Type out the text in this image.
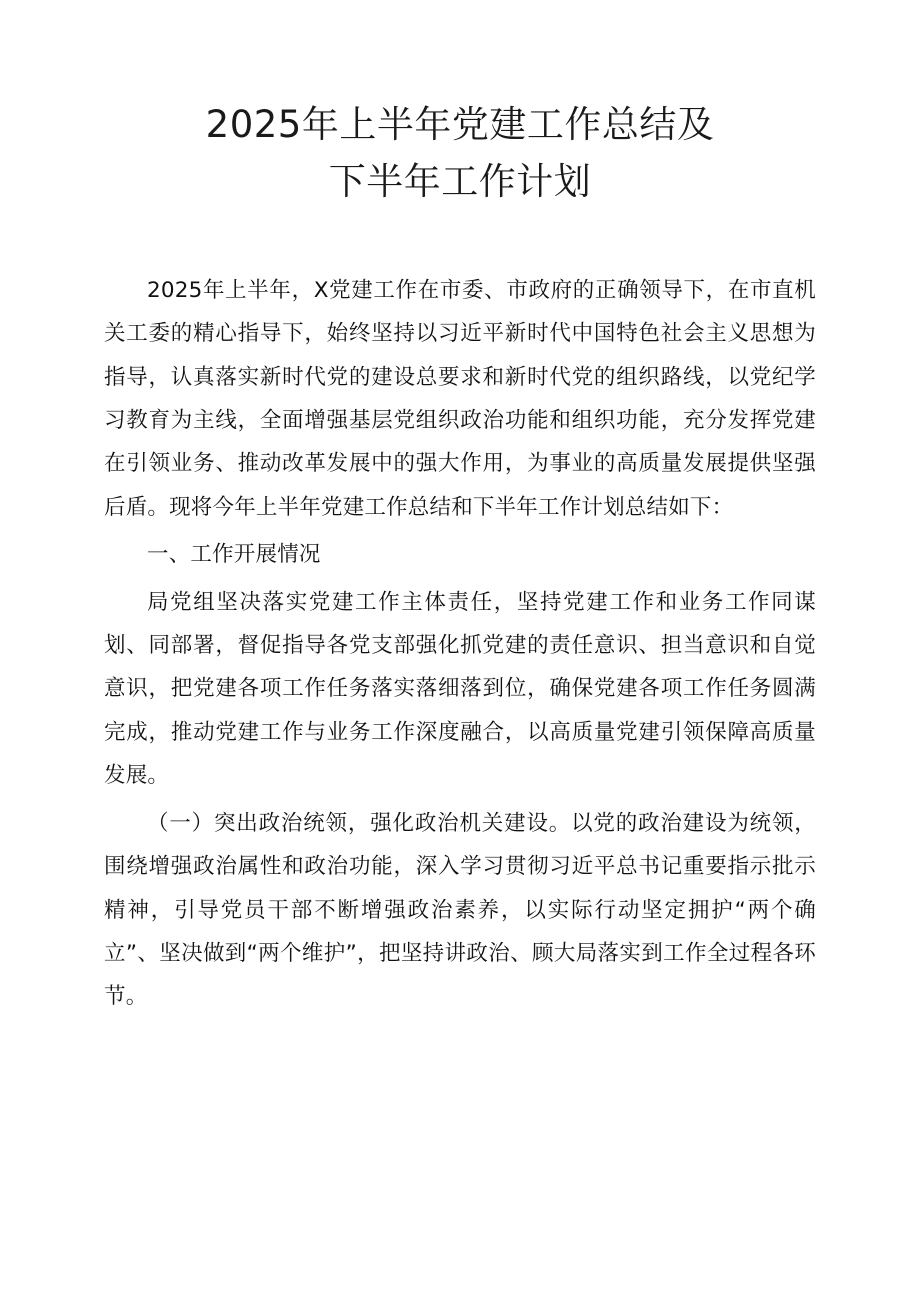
2025年上半年党建工作总结及
下半年工作计划

2025年上半年，X党建工作在市委、市政府的正确领导下，在市直机关工委的精心指导下，始终坚持以习近平新时代中国特色社会主义思想为指导，认真落实新时代党的建设总要求和新时代党的组织路线，以党纪学习教育为主线，全面增强基层党组织政治功能和组织功能，充分发挥党建在引领业务、推动改革发展中的强大作用，为事业的高质量发展提供坚强后盾。现将今年上半年党建工作总结和下半年工作计划总结如下：

一、工作开展情况

局党组坚决落实党建工作主体责任，坚持党建工作和业务工作同谋划、同部署，督促指导各党支部强化抓党建的责任意识、担当意识和自觉意识，把党建各项工作任务落实落细落到位，确保党建各项工作任务圆满完成，推动党建工作与业务工作深度融合，以高质量党建引领保障高质量发展。

（一）突出政治统领，强化政治机关建设。以党的政治建设为统领，围绕增强政治属性和政治功能，深入学习贯彻习近平总书记重要指示批示精神，引导党员干部不断增强政治素养，以实际行动坚定拥护“两个确立”、坚决做到“两个维护”，把坚持讲政治、顾大局落实到工作全过程各环节。
